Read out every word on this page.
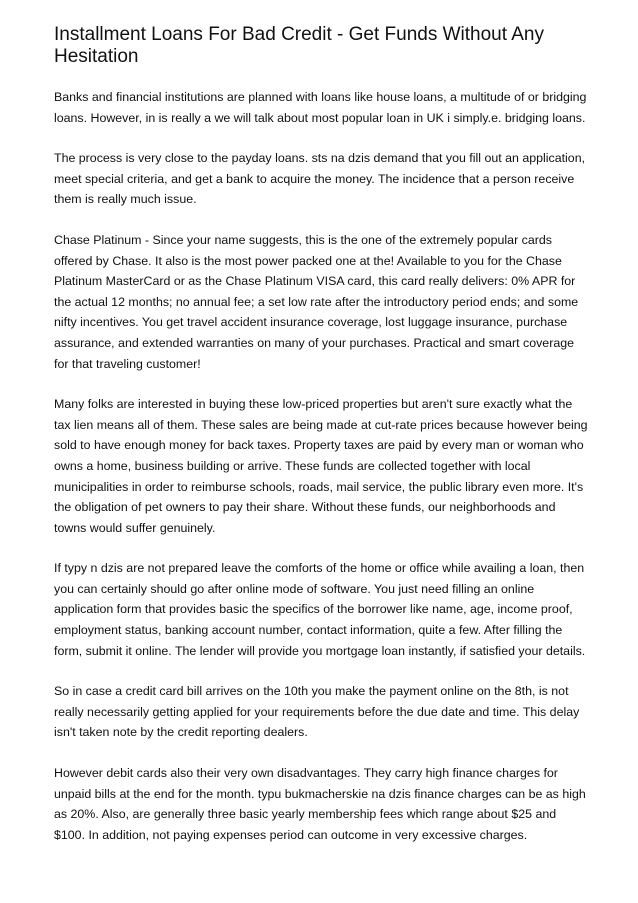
Installment Loans For Bad Credit - Get Funds Without Any Hesitation

Banks and financial institutions are planned with loans like house loans, a multitude of or bridging loans. However, in is really a we will talk about most popular loan in UK i simply.e. bridging loans.

The process is very close to the payday loans. sts na dzis demand that you fill out an application, meet special criteria, and get a bank to acquire the money. The incidence that a person receive them is really much issue.

Chase Platinum - Since your name suggests, this is the one of the extremely popular cards offered by Chase. It also is the most power packed one at the! Available to you for the Chase Platinum MasterCard or as the Chase Platinum VISA card, this card really delivers: 0% APR for the actual 12 months; no annual fee; a set low rate after the introductory period ends; and some nifty incentives. You get travel accident insurance coverage, lost luggage insurance, purchase assurance, and extended warranties on many of your purchases. Practical and smart coverage for that traveling customer!

Many folks are interested in buying these low-priced properties but aren't sure exactly what the tax lien means all of them. These sales are being made at cut-rate prices because however being sold to have enough money for back taxes. Property taxes are paid by every man or woman who owns a home, business building or arrive. These funds are collected together with local municipalities in order to reimburse schools, roads, mail service, the public library even more. It's the obligation of pet owners to pay their share. Without these funds, our neighborhoods and towns would suffer genuinely.

If typy n dzis are not prepared leave the comforts of the home or office while availing a loan, then you can certainly should go after online mode of software. You just need filling an online application form that provides basic the specifics of the borrower like name, age, income proof, employment status, banking account number, contact information, quite a few. After filling the form, submit it online. The lender will provide you mortgage loan instantly, if satisfied your details.

So in case a credit card bill arrives on the 10th you make the payment online on the 8th, is not really necessarily getting applied for your requirements before the due date and time. This delay isn't taken note by the credit reporting dealers.

However debit cards also their very own disadvantages. They carry high finance charges for unpaid bills at the end for the month. typu bukmacherskie na dzis finance charges can be as high as 20%. Also, are generally three basic yearly membership fees which range about $25 and $100. In addition, not paying expenses period can outcome in very excessive charges.
